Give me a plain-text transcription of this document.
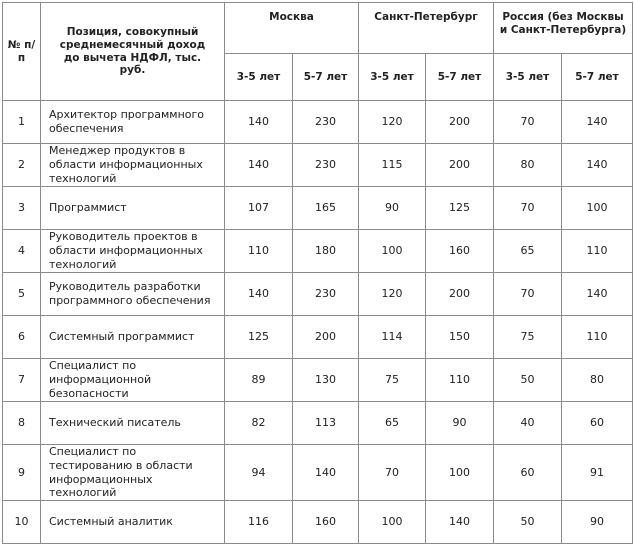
№ п/п	Позиция, совокупный среднемесячный доход до вычета НДФЛ, тыс. руб.	Москва		Санкт-Петербург		Россия (без Москвы и Санкт-Петербурга)	
		3-5 лет	5-7 лет	3-5 лет	5-7 лет	3-5 лет	5-7 лет
1	Архитектор программного обеспечения	140	230	120	200	70	140
2	Менеджер продуктов в области информационных технологий	140	230	115	200	80	140
3	Программист	107	165	90	125	70	100
4	Руководитель проектов в области информационных технологий	110	180	100	160	65	110
5	Руководитель разработки программного обеспечения	140	230	120	200	70	140
6	Системный программист	125	200	114	150	75	110
7	Специалист по информационной безопасности	89	130	75	110	50	80
8	Технический писатель	82	113	65	90	40	60
9	Специалист по тестированию в области информационных технологий	94	140	70	100	60	91
10	Системный аналитик	116	160	100	140	50	90
